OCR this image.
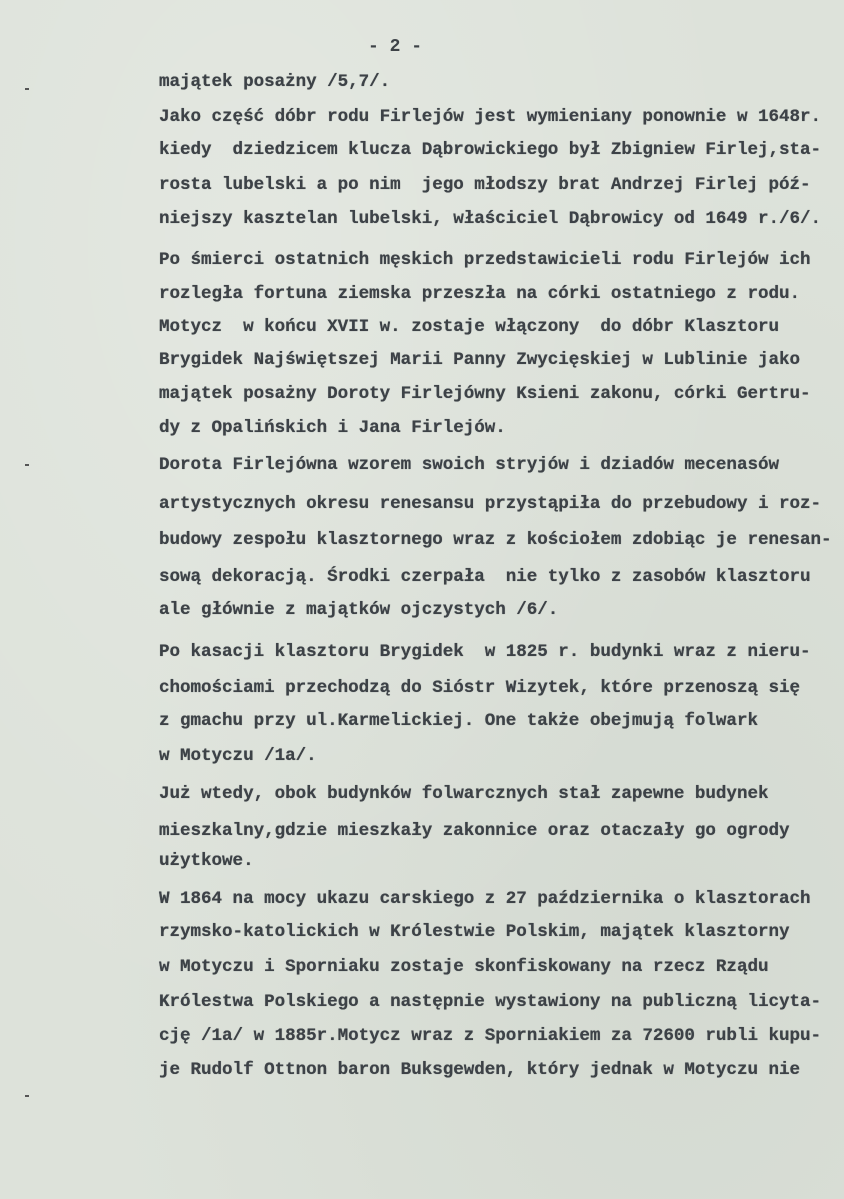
- 2 -
majątek posażny /5,7/.
Jako część dóbr rodu Firlejów jest wymieniany ponownie w 1648r.
kiedy  dziedzicem klucza Dąbrowickiego był Zbigniew Firlej,sta-
rosta lubelski a po nim  jego młodszy brat Andrzej Firlej póź-
niejszy kasztelan lubelski, właściciel Dąbrowicy od 1649 r./6/.
Po śmierci ostatnich męskich przedstawicieli rodu Firlejów ich
rozległa fortuna ziemska przeszła na córki ostatniego z rodu.
Motycz  w końcu XVII w. zostaje włączony  do dóbr Klasztoru
Brygidek Najświętszej Marii Panny Zwycięskiej w Lublinie jako
majątek posażny Doroty Firlejówny Ksieni zakonu, córki Gertru-
dy z Opalińskich i Jana Firlejów.
Dorota Firlejówna wzorem swoich stryjów i dziadów mecenasów
artystycznych okresu renesansu przystąpiła do przebudowy i roz-
budowy zespołu klasztornego wraz z kościołem zdobiąc je renesan-
sową dekoracją. Środki czerpała  nie tylko z zasobów klasztoru
ale głównie z majątków ojczystych /6/.
Po kasacji klasztoru Brygidek  w 1825 r. budynki wraz z nieru-
chomościami przechodzą do Sióstr Wizytek, które przenoszą się
z gmachu przy ul.Karmelickiej. One także obejmują folwark
w Motyczu /1a/.
Już wtedy, obok budynków folwarcznych stał zapewne budynek
mieszkalny,gdzie mieszkały zakonnice oraz otaczały go ogrody
użytkowe.
W 1864 na mocy ukazu carskiego z 27 października o klasztorach
rzymsko-katolickich w Królestwie Polskim, majątek klasztorny
w Motyczu i Sporniaku zostaje skonfiskowany na rzecz Rządu
Królestwa Polskiego a następnie wystawiony na publiczną licyta-
cję /1a/ w 1885r.Motycz wraz z Sporniakiem za 72600 rubli kupu-
je Rudolf Ottnon baron Buksgewden, który jednak w Motyczu nie
